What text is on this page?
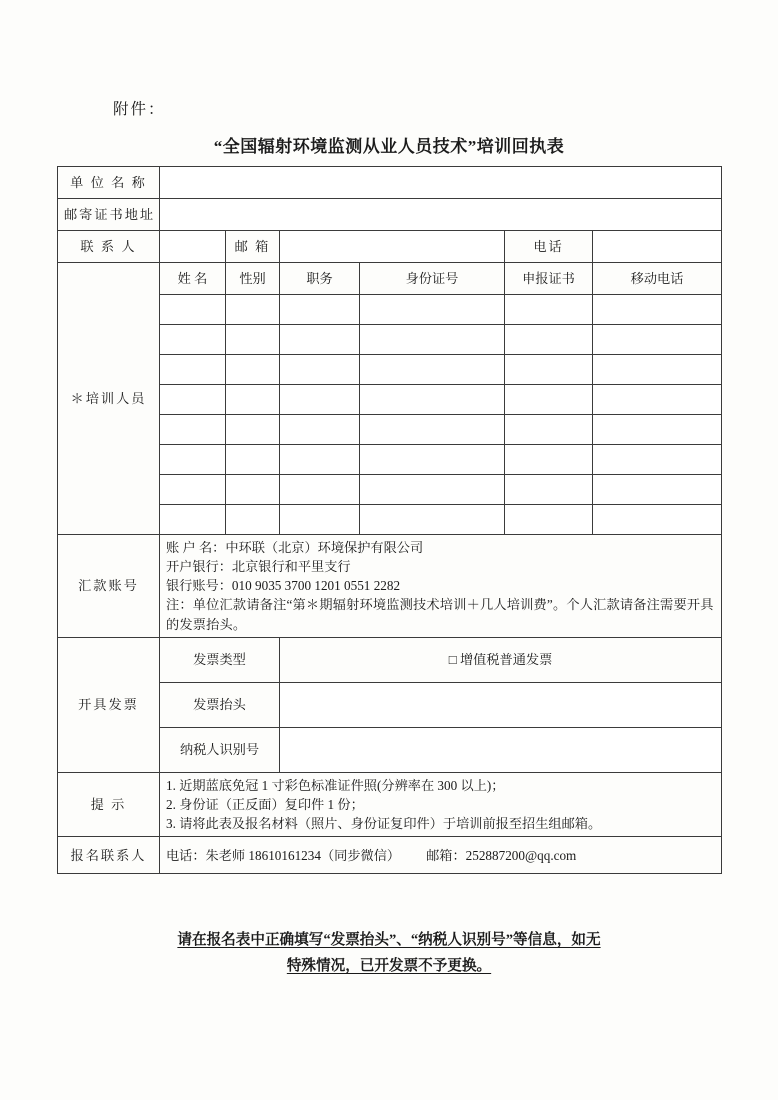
附件：
“全国辐射环境监测从业人员技术”培训回执表
单 位 名 称						
邮寄证书地址						
联 系 人		邮 箱			电话	
＊培训人员	姓 名	性别	职务	身份证号	申报证书	移动电话

汇款账号	账 户 名：中环联（北京）环境保护有限公司
开户银行：北京银行和平里支行
银行账号：010 9035 3700 1201 0551 2282
注：单位汇款请备注“第＊期辐射环境监测技术培训＋几人培训费”。个人汇款请备注需要开具的发票抬头。					

开具发票	发票类型		□ 增值税普通发票			
	发票抬头					
	纳税人识别号					
提 示	1. 近期蓝底免冠 1 寸彩色标准证件照(分辨率在 300 以上)；
2. 身份证（正反面）复印件 1 份；
3. 请将此表及报名材料（照片、身份证复印件）于培训前报至招生组邮箱。					

报名联系人	电话：朱老师 18610161234（同步微信） 邮箱：252887200@qq.com					
请在报名表中正确填写“发票抬头”、“纳税人识别号”等信息，如无
特殊情况，已开发票不予更换。
